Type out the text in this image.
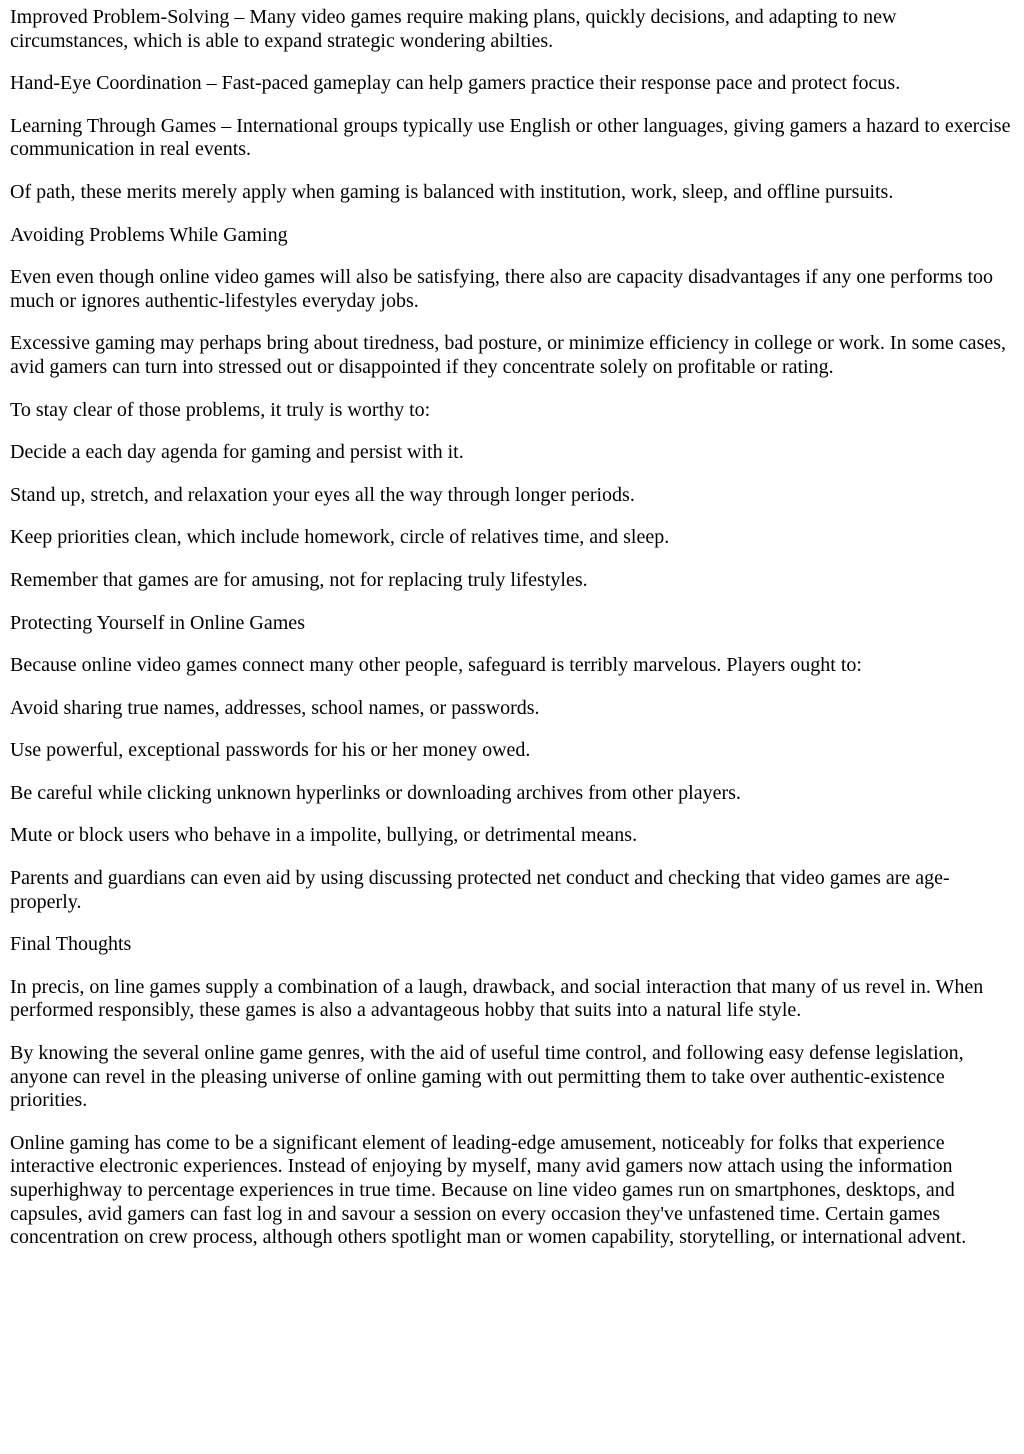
Improved Problem-Solving – Many video games require making plans, quickly decisions, and adapting to new circumstances, which is able to expand strategic wondering abilties.

Hand-Eye Coordination – Fast-paced gameplay can help gamers practice their response pace and protect focus.

Learning Through Games – International groups typically use English or other languages, giving gamers a hazard to exercise communication in real events.

Of path, these merits merely apply when gaming is balanced with institution, work, sleep, and offline pursuits.

Avoiding Problems While Gaming

Even even though online video games will also be satisfying, there also are capacity disadvantages if any one performs too much or ignores authentic-lifestyles everyday jobs.

Excessive gaming may perhaps bring about tiredness, bad posture, or minimize efficiency in college or work. In some cases, avid gamers can turn into stressed out or disappointed if they concentrate solely on profitable or rating.

To stay clear of those problems, it truly is worthy to:

Decide a each day agenda for gaming and persist with it.

Stand up, stretch, and relaxation your eyes all the way through longer periods.

Keep priorities clean, which include homework, circle of relatives time, and sleep.

Remember that games are for amusing, not for replacing truly lifestyles.

Protecting Yourself in Online Games

Because online video games connect many other people, safeguard is terribly marvelous. Players ought to:

Avoid sharing true names, addresses, school names, or passwords.

Use powerful, exceptional passwords for his or her money owed.

Be careful while clicking unknown hyperlinks or downloading archives from other players.

Mute or block users who behave in a impolite, bullying, or detrimental means.

Parents and guardians can even aid by using discussing protected net conduct and checking that video games are age-properly.

Final Thoughts

In precis, on line games supply a combination of a laugh, drawback, and social interaction that many of us revel in. When performed responsibly, these games is also a advantageous hobby that suits into a natural life style.

By knowing the several online game genres, with the aid of useful time control, and following easy defense legislation, anyone can revel in the pleasing universe of online gaming with out permitting them to take over authentic-existence priorities.

Online gaming has come to be a significant element of leading-edge amusement, noticeably for folks that experience interactive electronic experiences. Instead of enjoying by myself, many avid gamers now attach using the information superhighway to percentage experiences in true time. Because on line video games run on smartphones, desktops, and capsules, avid gamers can fast log in and savour a session on every occasion they've unfastened time. Certain games concentration on crew process, although others spotlight man or women capability, storytelling, or international advent.
